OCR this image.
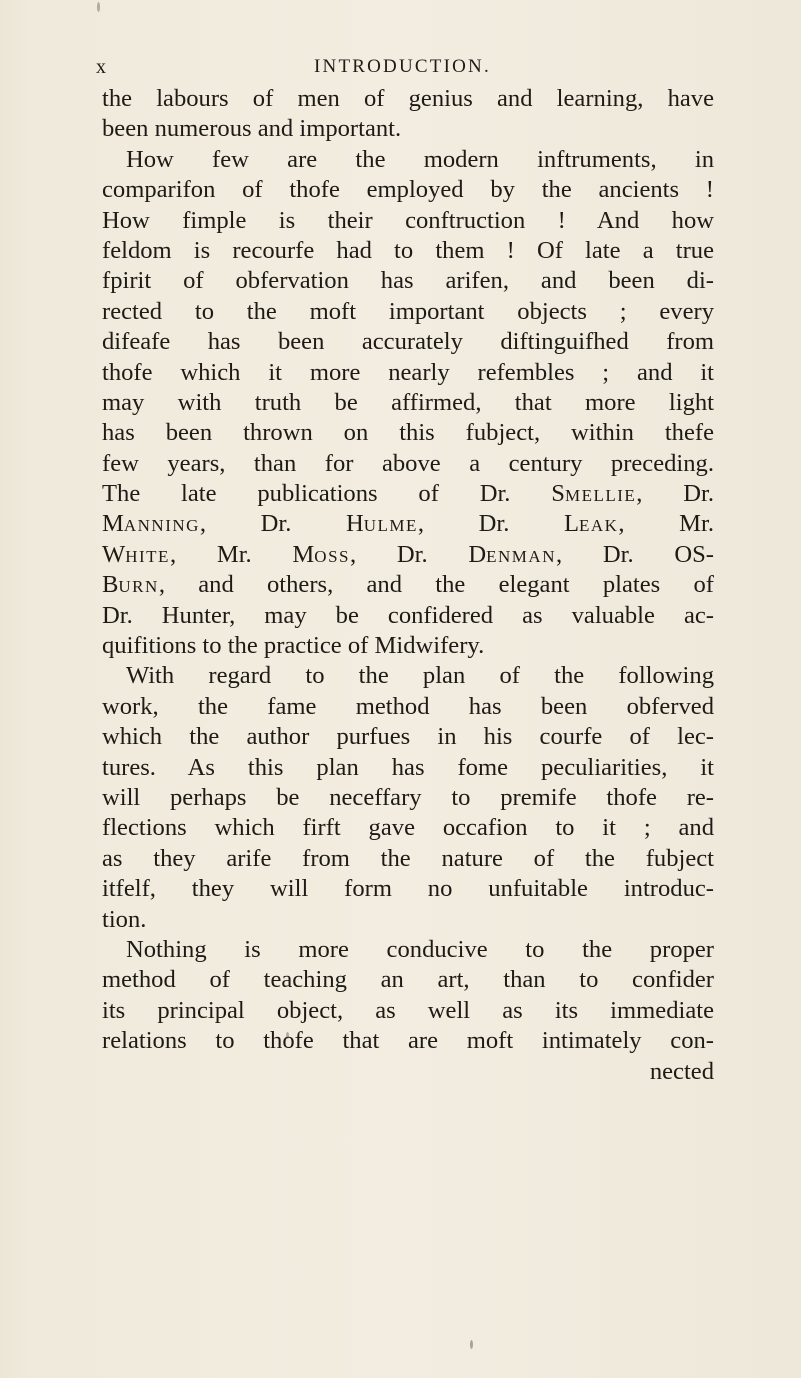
x	INTRODUCTION.
the labours of men of genius and learning, have
been numerous and important.
How few are the modern inftruments, in
comparifon of thofe employed by the ancients !
How fimple is their conftruction ! And how
feldom is recourfe had to them ! Of late a true
fpirit of obfervation has arifen, and been di-
rected to the moft important objects ; every
difeafe has been accurately diftinguifhed from
thofe which it more nearly refembles ; and it
may with truth be affirmed, that more light
has been thrown on this fubject, within thefe
few years, than for above a century preceding.
The late publications of Dr. Smellie, Dr.
Manning, Dr. Hulme, Dr. Leak, Mr.
White, Mr. Moss, Dr. Denman, Dr. OS-
Burn, and others, and the elegant plates of
Dr. Hunter, may be confidered as valuable ac-
quifitions to the practice of Midwifery.
With regard to the plan of the following
work, the fame method has been obferved
which the author purfues in his courfe of lec-
tures. As this plan has fome peculiarities, it
will perhaps be neceffary to premife thofe re-
flections which firft gave occafion to it ; and
as they arife from the nature of the fubject
itfelf, they will form no unfuitable introduc-
tion.
Nothing is more conducive to the proper
method of teaching an art, than to confider
its principal object, as well as its immediate
relations to thofe that are moft intimately con-
nected
